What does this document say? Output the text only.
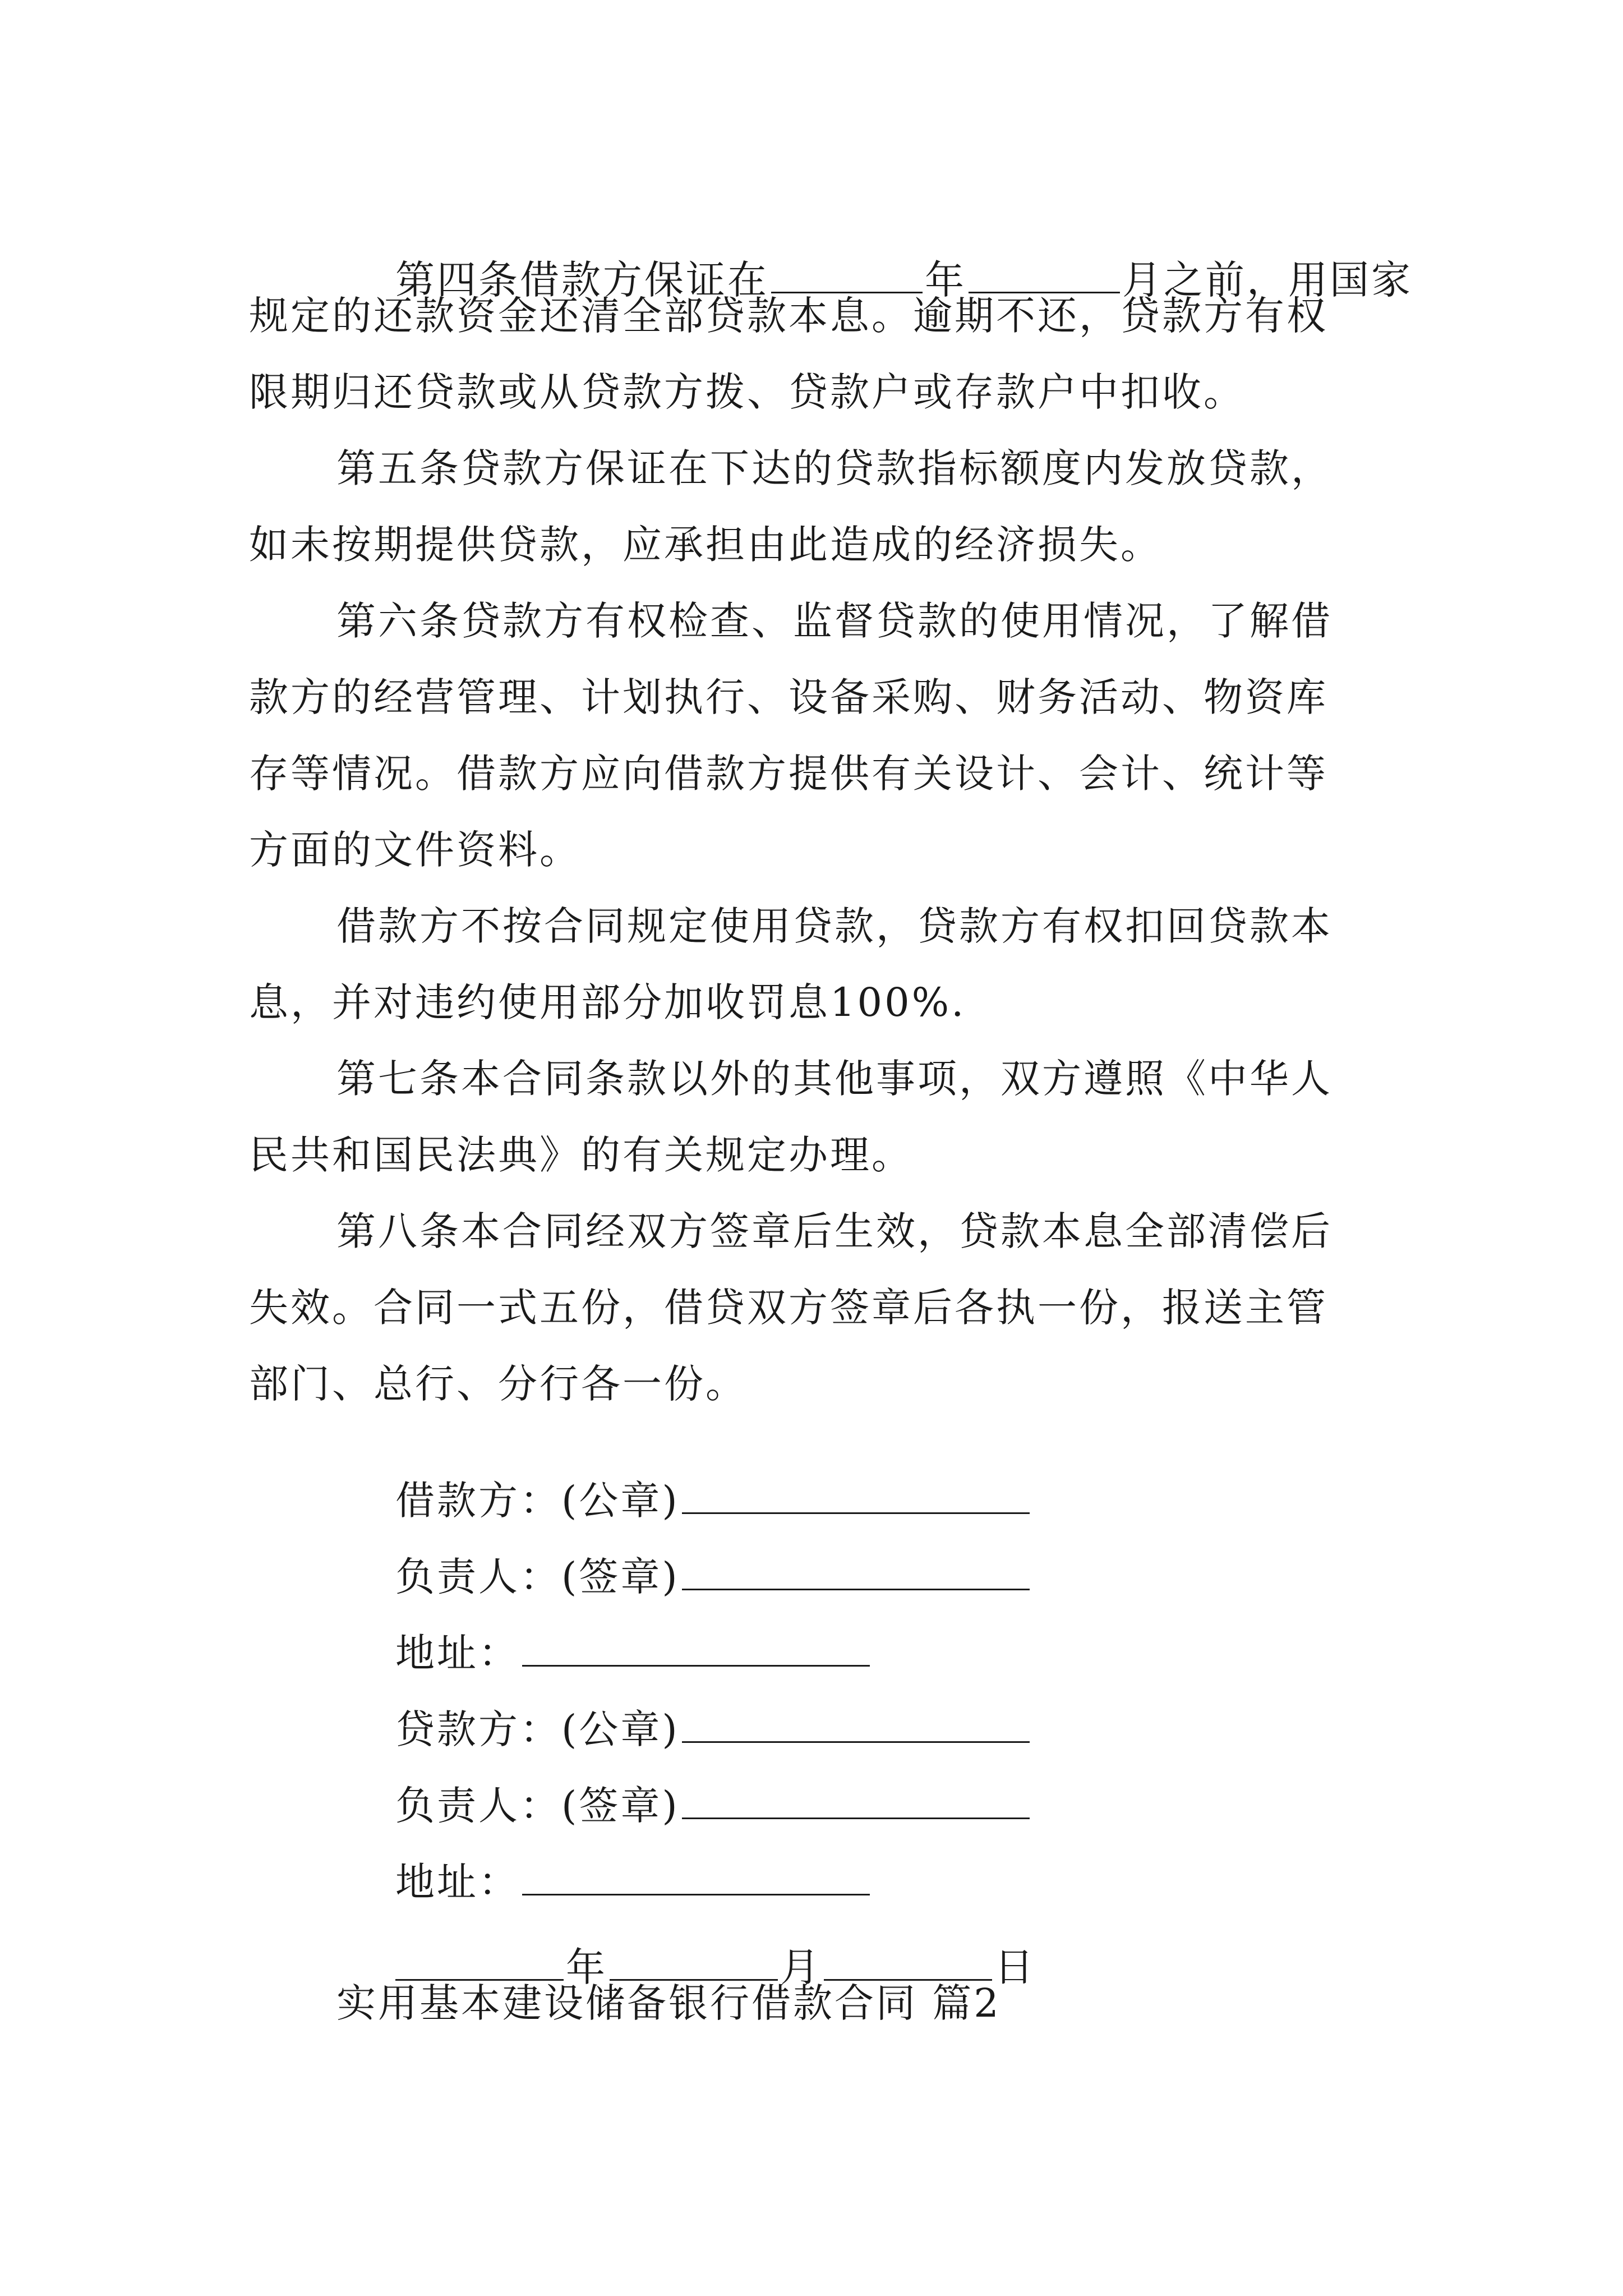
第四条借款方保证在	年	月之前，用国家

规定的还款资金还清全部贷款本息。逾期不还，贷款方有权
限期归还贷款或从贷款方拨、贷款户或存款户中扣收。
第五条贷款方保证在下达的贷款指标额度内发放贷款，
如未按期提供贷款，应承担由此造成的经济损失。
第六条贷款方有权检查、监督贷款的使用情况，了解借
款方的经营管理、计划执行、设备采购、财务活动、物资库
存等情况。借款方应向借款方提供有关设计、会计、统计等
方面的文件资料。
借款方不按合同规定使用贷款，贷款方有权扣回贷款本
息，并对违约使用部分加收罚息100%.
第七条本合同条款以外的其他事项，双方遵照《中华人
民共和国民法典》的有关规定办理。
第八条本合同经双方签章后生效，贷款本息全部清偿后
失效。合同一式五份，借贷双方签章后各执一份，报送主管
部门、总行、分行各一份。

借款方：(公章)

负责人：(签章)

地址：

贷款方：(公章)

负责人：(签章)

地址：

年	月	日

实用基本建设储备银行借款合同 篇2
